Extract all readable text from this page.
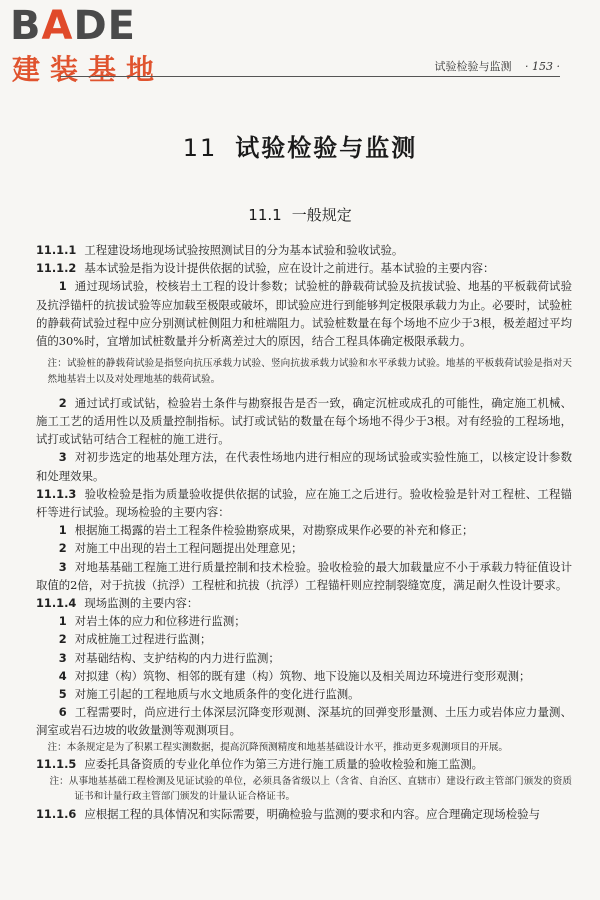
BADE
建装基地	试验检验与监测 · 153 ·
11 试验检验与监测
11.1 一般规定

11.1.1 工程建设场地现场试验按照测试目的分为基本试验和验收试验。

11.1.2 基本试验是指为设计提供依据的试验，应在设计之前进行。基本试验的主要内容：

1 通过现场试验，校核岩土工程的设计参数；试验桩的静载荷试验及抗拔试验、地基的平板载荷试验及抗浮锚杆的抗拔试验等应加载至极限或破坏，即试验应进行到能够判定极限承载力为止。必要时，试验桩的静载荷试验过程中应分别测试桩侧阻力和桩端阻力。试验桩数量在每个场地不应少于3根，极差超过平均值的30%时，宜增加试桩数量并分析离差过大的原因，结合工程具体确定极限承载力。

注：试验桩的静载荷试验是指竖向抗压承载力试验、竖向抗拔承载力试验和水平承载力试验。地基的平板载荷试验是指对天然地基岩土以及对处理地基的载荷试验。

2 通过试打或试钻，检验岩土条件与勘察报告是否一致，确定沉桩或成孔的可能性，确定施工机械、施工工艺的适用性以及质量控制指标。试打或试钻的数量在每个场地不得少于3根。对有经验的工程场地，试打或试钻可结合工程桩的施工进行。

3 对初步选定的地基处理方法，在代表性场地内进行相应的现场试验或实验性施工，以核定设计参数和处理效果。

11.1.3 验收检验是指为质量验收提供依据的试验，应在施工之后进行。验收检验是针对工程桩、工程锚杆等进行试验。现场检验的主要内容：

1 根据施工揭露的岩土工程条件检验勘察成果，对勘察成果作必要的补充和修正；

2 对施工中出现的岩土工程问题提出处理意见；

3 对地基基础工程施工进行质量控制和技术检验。验收检验的最大加载量应不小于承载力特征值设计取值的2倍，对于抗拔（抗浮）工程桩和抗拔（抗浮）工程锚杆则应控制裂缝宽度，满足耐久性设计要求。

11.1.4 现场监测的主要内容：

1 对岩土体的应力和位移进行监测；

2 对成桩施工过程进行监测；

3 对基础结构、支护结构的内力进行监测；

4 对拟建（构）筑物、相邻的既有建（构）筑物、地下设施以及相关周边环境进行变形观测；

5 对施工引起的工程地质与水文地质条件的变化进行监测。

6 工程需要时，尚应进行土体深层沉降变形观测、深基坑的回弹变形量测、土压力或岩体应力量测、洞室或岩石边坡的收敛量测等观测项目。

注：本条规定是为了积累工程实测数据，提高沉降预测精度和地基基础设计水平，推动更多观测项目的开展。

11.1.5 应委托具备资质的专业化单位作为第三方进行施工质量的验收检验和施工监测。

注：从事地基基础工程检测及见证试验的单位，必须具备省级以上（含省、自治区、直辖市）建设行政主管部门颁发的资质证书和计量行政主管部门颁发的计量认证合格证书。

11.1.6 应根据工程的具体情况和实际需要，明确检验与监测的要求和内容。应合理确定现场检验与
